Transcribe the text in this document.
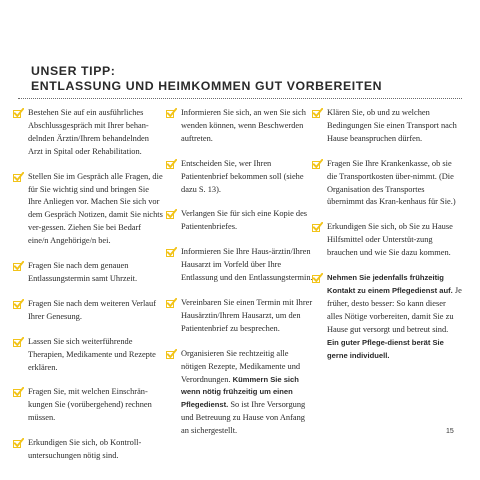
UNSER TIPP:
ENTLASSUNG UND HEIMKOMMEN GUT VORBEREITEN
Bestehen Sie auf ein ausführliches Abschlussgespräch mit Ihrer behan-delnden Ärztin/Ihrem behandelnden Arzt in Spital oder Rehabilitation.
Stellen Sie im Gespräch alle Fragen, die für Sie wichtig sind und bringen Sie Ihre Anliegen vor. Machen Sie sich vor dem Gespräch Notizen, damit Sie nichts ver-gessen. Ziehen Sie bei Bedarf eine/n Angehörige/n bei.
Fragen Sie nach dem genauen Entlassungstermin samt Uhrzeit.
Fragen Sie nach dem weiteren Verlauf Ihrer Genesung.
Lassen Sie sich weiterführende Therapien, Medikamente und Rezepte erklären.
Fragen Sie, mit welchen Einschrän-kungen Sie (vorübergehend) rechnen müssen.
Erkundigen Sie sich, ob Kontroll-untersuchungen nötig sind.
Informieren Sie sich, an wen Sie sich wenden können, wenn Beschwerden auftreten.
Entscheiden Sie, wer Ihren Patientenbrief bekommen soll (siehe dazu S. 13).
Verlangen Sie für sich eine Kopie des Patientenbriefes.
Informieren Sie Ihre Haus-ärztin/Ihren Hausarzt im Vorfeld über Ihre Entlassung und den Entlassungstermin.
Vereinbaren Sie einen Termin mit Ihrer Hausärztin/Ihrem Hausarzt, um den Patientenbrief zu besprechen.
Organisieren Sie rechtzeitig alle nötigen Rezepte, Medikamente und Verordnungen. Kümmern Sie sich wenn nötig frühzeitig um einen Pflegedienst. So ist Ihre Versorgung und Betreuung zu Hause von Anfang an sichergestellt.
Klären Sie, ob und zu welchen Bedingungen Sie einen Transport nach Hause beanspruchen dürfen.
Fragen Sie Ihre Krankenkasse, ob sie die Transportkosten über-nimmt. (Die Organisation des Transportes übernimmt das Kran-kenhaus für Sie.)
Erkundigen Sie sich, ob Sie zu Hause Hilfsmittel oder Unterstüt-zung brauchen und wie Sie dazu kommen.
Nehmen Sie jedenfalls frühzeitig Kontakt zu einem Pflegedienst auf. Je früher, desto besser: So kann dieser alles Nötige vorbereiten, damit Sie zu Hause gut versorgt und betreut sind. Ein guter Pflege-dienst berät Sie gerne individuell.
15
